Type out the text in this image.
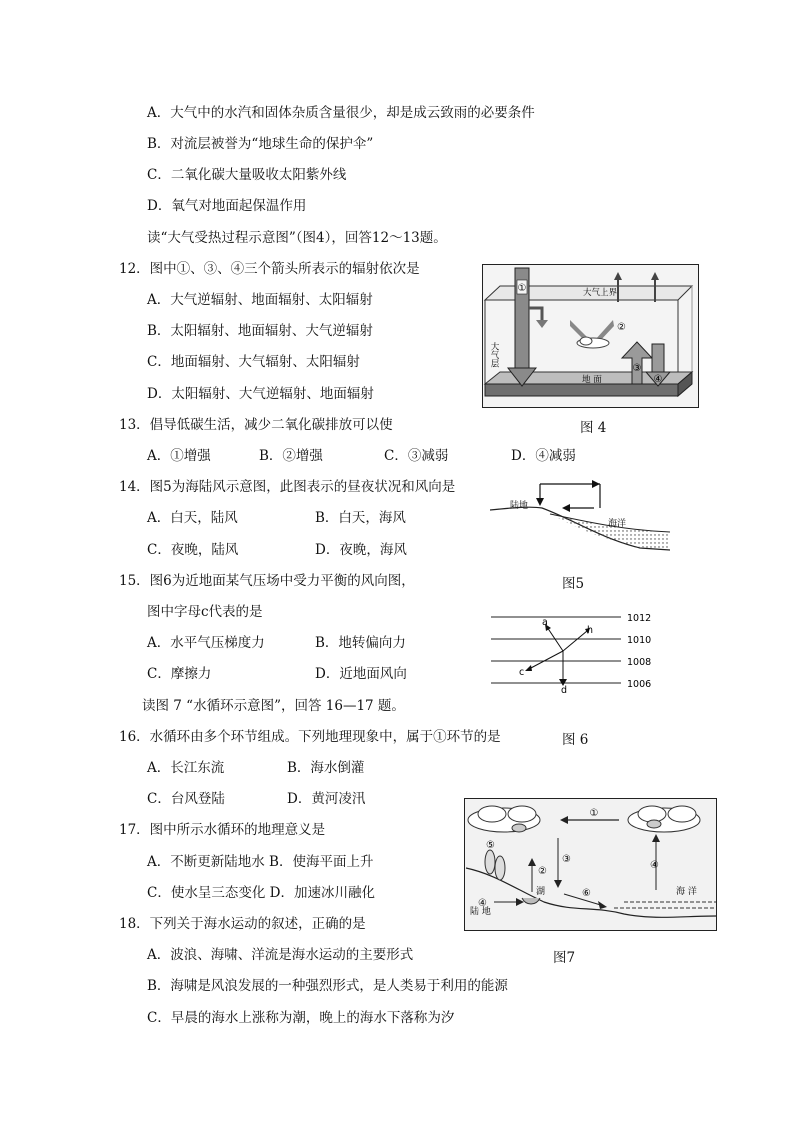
A．大气中的水汽和固体杂质含量很少，却是成云致雨的必要条件
B．对流层被誉为“地球生命的保护伞”
C．二氧化碳大量吸收太阳紫外线
D．氧气对地面起保温作用
读“大气受热过程示意图”（图4），回答12～13题。
12．图中①、③、④三个箭头所表示的辐射依次是
A．大气逆辐射、地面辐射、太阳辐射
B．太阳辐射、地面辐射、大气逆辐射
C．地面辐射、大气辐射、太阳辐射
D．太阳辐射、大气逆辐射、地面辐射
13．倡导低碳生活，减少二氧化碳排放可以使
A．①增强	B．②增强	C．③减弱	D．④减弱
14．图5为海陆风示意图，此图表示的昼夜状况和风向是
A．白天，陆风	B．白天，海风
C．夜晚，陆风	D．夜晚，海风
15．图6为近地面某气压场中受力平衡的风向图，
图中字母c代表的是
A．水平气压梯度力	B．地转偏向力
C．摩擦力	D．近地面风向
读图 7 “水循环示意图”，回答 16—17 题。
16．水循环由多个环节组成。下列地理现象中，属于①环节的是
A．长江东流	B．海水倒灌
C．台风登陆	D．黄河凌汛
17．图中所示水循环的地理意义是
A．不断更新陆地水 B．使海平面上升
C．使水呈三态变化 D．加速冰川融化
18．下列关于海水运动的叙述，正确的是
A．波浪、海啸、洋流是海水运动的主要形式
B．海啸是风浪发展的一种强烈形式，是人类易于利用的能源
C．早晨的海水上涨称为潮，晚上的海水下落称为汐
图 4
图5
图 6
图7
①	大气上界
大气层
②
③
④
地 面
陆地
海洋
1012
1010
1008
1006
a
h
c
d
①
陆 地
海 洋
⑤
②
③
湖
④
⑥
④
